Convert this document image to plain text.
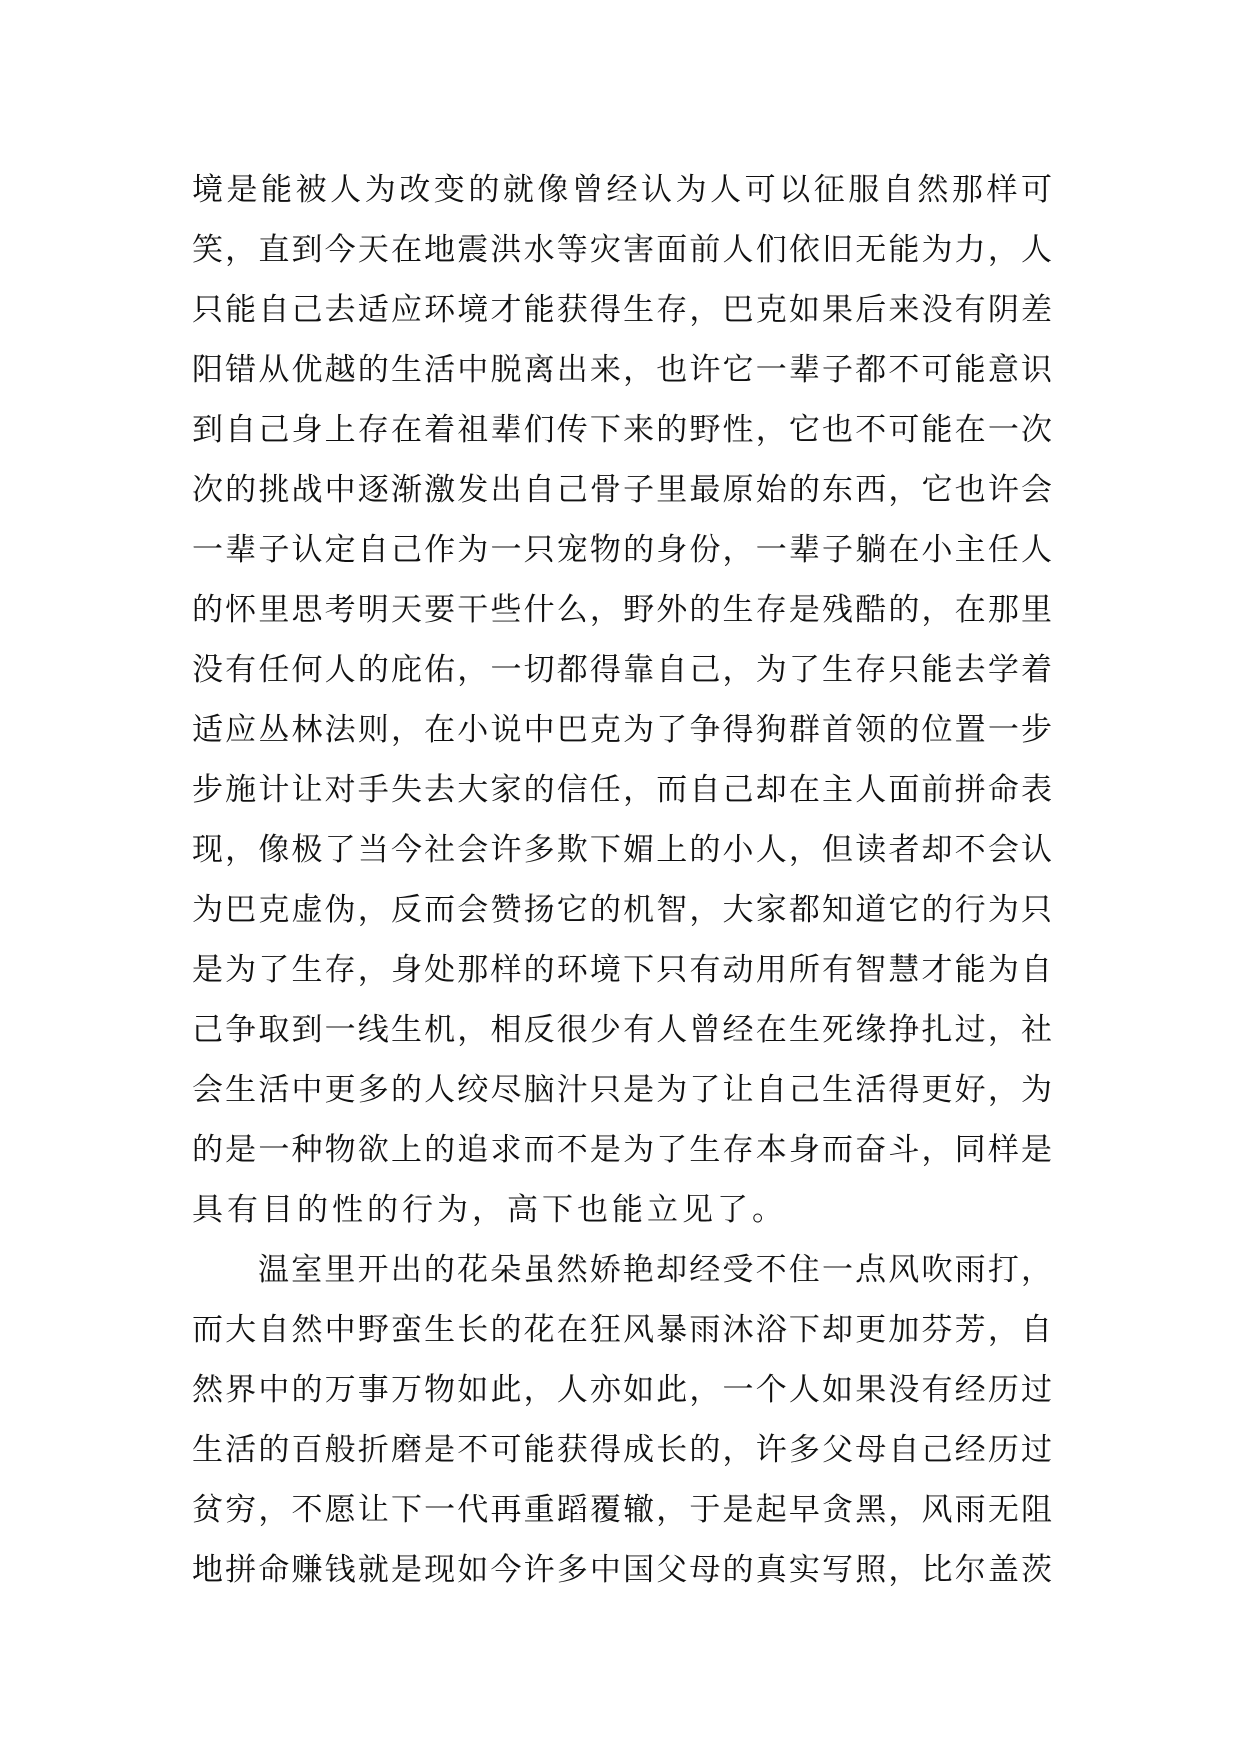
境是能被人为改变的就像曾经认为人可以征服自然那样可
笑，直到今天在地震洪水等灾害面前人们依旧无能为力，人
只能自己去适应环境才能获得生存，巴克如果后来没有阴差
阳错从优越的生活中脱离出来，也许它一辈子都不可能意识
到自己身上存在着祖辈们传下来的野性，它也不可能在一次
次的挑战中逐渐激发出自己骨子里最原始的东西，它也许会
一辈子认定自己作为一只宠物的身份，一辈子躺在小主任人
的怀里思考明天要干些什么，野外的生存是残酷的，在那里
没有任何人的庇佑，一切都得靠自己，为了生存只能去学着
适应丛林法则，在小说中巴克为了争得狗群首领的位置一步
步施计让对手失去大家的信任，而自己却在主人面前拼命表
现，像极了当今社会许多欺下媚上的小人，但读者却不会认
为巴克虚伪，反而会赞扬它的机智，大家都知道它的行为只
是为了生存，身处那样的环境下只有动用所有智慧才能为自
己争取到一线生机，相反很少有人曾经在生死缘挣扎过，社
会生活中更多的人绞尽脑汁只是为了让自己生活得更好，为
的是一种物欲上的追求而不是为了生存本身而奋斗，同样是
具有目的性的行为，高下也能立见了。
温室里开出的花朵虽然娇艳却经受不住一点风吹雨打，
而大自然中野蛮生长的花在狂风暴雨沐浴下却更加芬芳，自
然界中的万事万物如此，人亦如此，一个人如果没有经历过
生活的百般折磨是不可能获得成长的，许多父母自己经历过
贫穷，不愿让下一代再重蹈覆辙，于是起早贪黑，风雨无阻
地拼命赚钱就是现如今许多中国父母的真实写照，比尔盖茨
